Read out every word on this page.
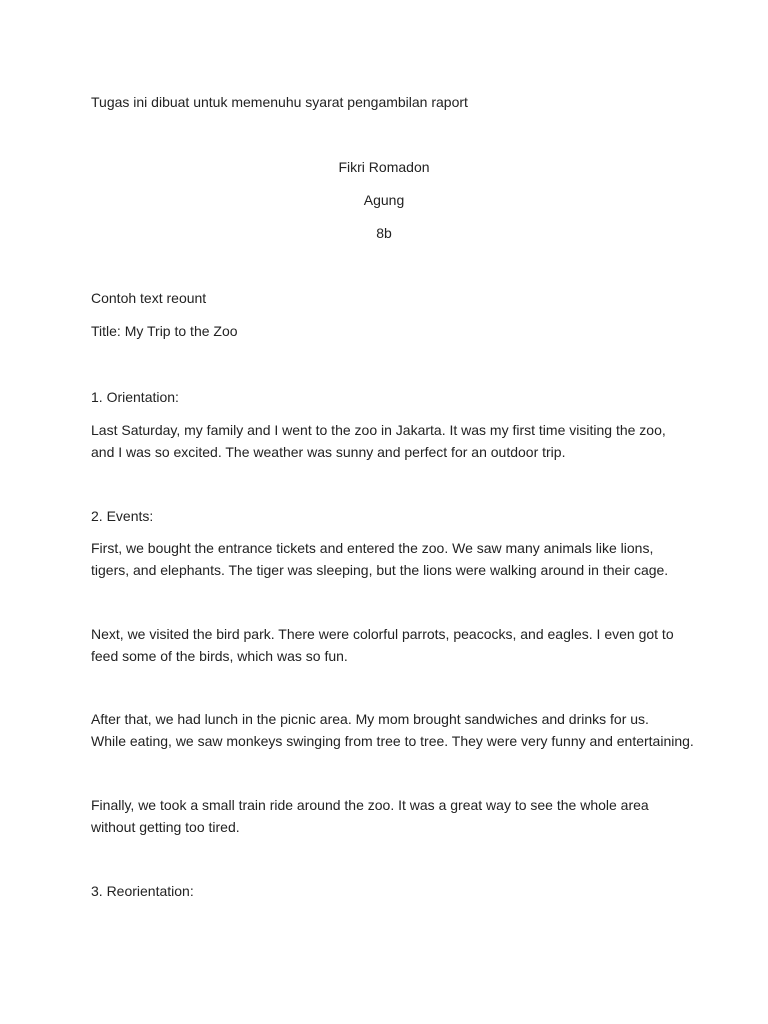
Tugas ini dibuat untuk memenuhu syarat pengambilan raport

Fikri Romadon

Agung

8b

Contoh text reount

Title: My Trip to the Zoo

1. Orientation:

Last Saturday, my family and I went to the zoo in Jakarta. It was my first time visiting the zoo,
and I was so excited. The weather was sunny and perfect for an outdoor trip.

2. Events:

First, we bought the entrance tickets and entered the zoo. We saw many animals like lions,
tigers, and elephants. The tiger was sleeping, but the lions were walking around in their cage.
Next, we visited the bird park. There were colorful parrots, peacocks, and eagles. I even got to
feed some of the birds, which was so fun.
After that, we had lunch in the picnic area. My mom brought sandwiches and drinks for us.
While eating, we saw monkeys swinging from tree to tree. They were very funny and entertaining.
Finally, we took a small train ride around the zoo. It was a great way to see the whole area
without getting too tired.

3. Reorientation:
